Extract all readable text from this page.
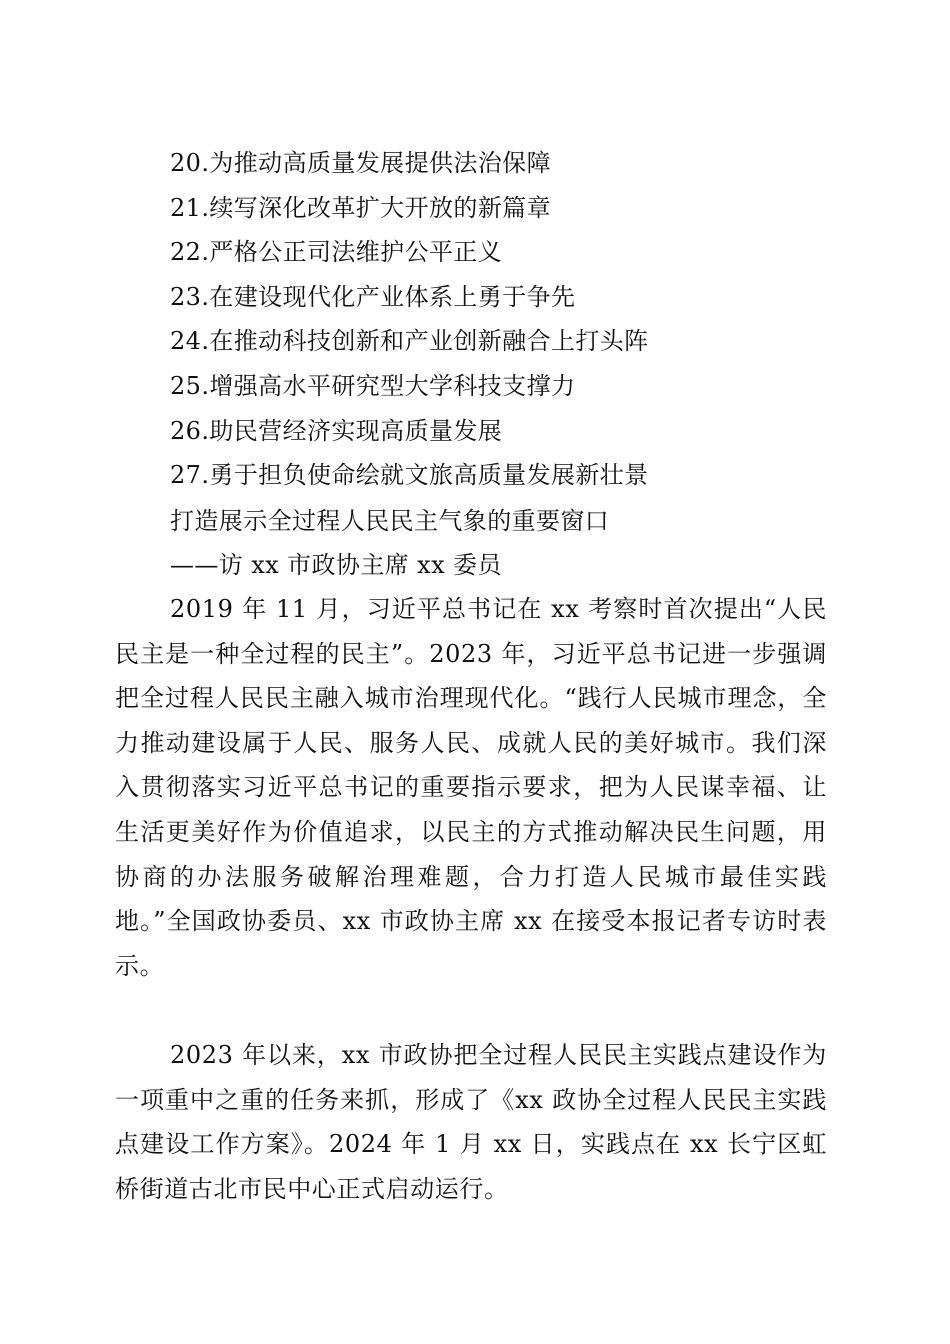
20.为推动高质量发展提供法治保障
21.续写深化改革扩大开放的新篇章
22.严格公正司法维护公平正义
23.在建设现代化产业体系上勇于争先
24.在推动科技创新和产业创新融合上打头阵
25.增强高水平研究型大学科技支撑力
26.助民营经济实现高质量发展
27.勇于担负使命绘就文旅高质量发展新壮景
打造展示全过程人民民主气象的重要窗口
——访 xx 市政协主席 xx 委员

2019 年 11 月，习近平总书记在 xx 考察时首次提出“人民民主是一种全过程的民主”。2023 年，习近平总书记进一步强调把全过程人民民主融入城市治理现代化。“践行人民城市理念，全力推动建设属于人民、服务人民、成就人民的美好城市。我们深入贯彻落实习近平总书记的重要指示要求，把为人民谋幸福、让生活更美好作为价值追求，以民主的方式推动解决民生问题，用协商的办法服务破解治理难题，合力打造人民城市最佳实践地。”全国政协委员、xx 市政协主席 xx 在接受本报记者专访时表示。

2023 年以来，xx 市政协把全过程人民民主实践点建设作为一项重中之重的任务来抓，形成了《xx 政协全过程人民民主实践点建设工作方案》。2024 年 1 月 xx 日，实践点在 xx 长宁区虹桥街道古北市民中心正式启动运行。
